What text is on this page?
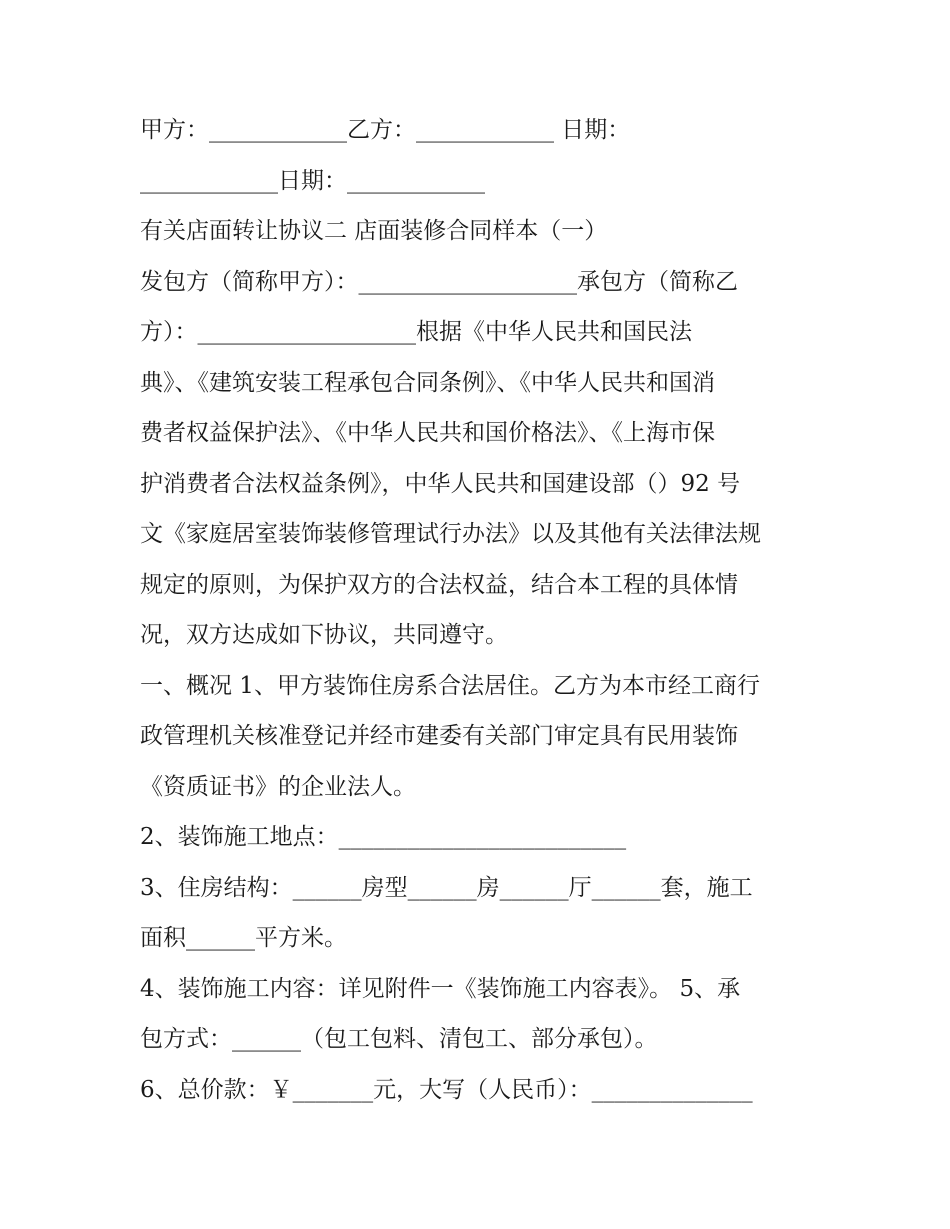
甲方：____________乙方：____________ 日期：
____________日期：____________
有关店面转让协议二 店面装修合同样本（一）
发包方（简称甲方）：___________________承包方（简称乙
方）：___________________根据《中华人民共和国民法
典》、《建筑安装工程承包合同条例》、《中华人民共和国消
费者权益保护法》、《中华人民共和国价格法》、《上海市保
护消费者合法权益条例》，中华人民共和国建设部（）92 号
文《家庭居室装饰装修管理试行办法》以及其他有关法律法规
规定的原则，为保护双方的合法权益，结合本工程的具体情
况，双方达成如下协议，共同遵守。
一、概况 1、甲方装饰住房系合法居住。乙方为本市经工商行
政管理机关核准登记并经市建委有关部门审定具有民用装饰
《资质证书》的企业法人。
2、装饰施工地点：_________________________
3、住房结构：______房型______房______厅______套，施工
面积______平方米。
4、装饰施工内容：详见附件一《装饰施工内容表》。 5、承
包方式：______（包工包料、清包工、部分承包）。
6、总价款：￥_______元，大写（人民币）：______________
